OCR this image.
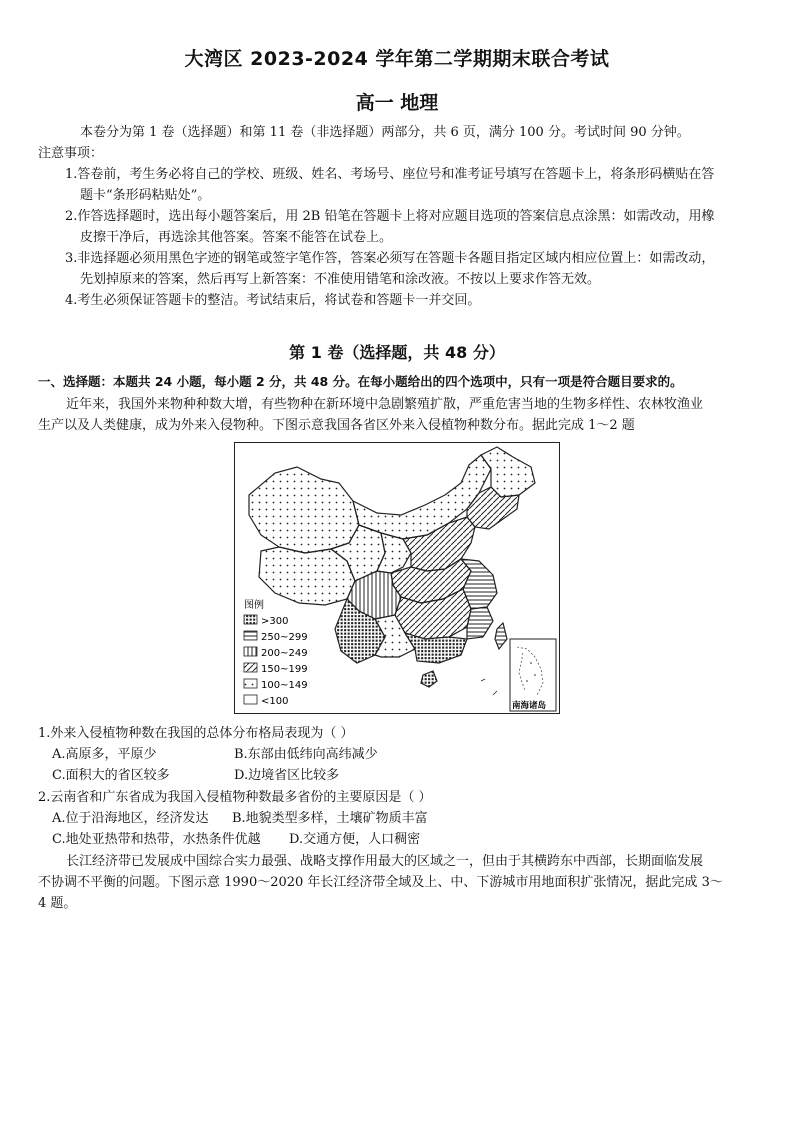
大湾区 2023-2024 学年第二学期期末联合考试
高一 地理
本卷分为第 1 卷（选择题）和第 11 卷（非选择题）两部分，共 6 页，满分 100 分。考试时间 90 分钟。
注意事项：
1.答卷前，考生务必将自己的学校、班级、姓名、考场号、座位号和准考证号填写在答题卡上，将条形码横贴在答
题卡“条形码粘贴处”。
2.作答选择题时，选出每小题答案后，用 2B 铅笔在答题卡上将对应题目选项的答案信息点涂黑：如需改动，用橡
皮擦干净后，再选涂其他答案。答案不能答在试卷上。
3.非选择题必须用黑色字迹的钢笔或签字笔作答，答案必须写在答题卡各题目指定区域内相应位置上：如需改动，
先划掉原来的答案，然后再写上新答案：不准使用错笔和涂改液。不按以上要求作答无效。
4.考生必须保证答题卡的整洁。考试结束后，将试卷和答题卡一并交回。
第 1 卷（选择题，共 48 分）
一、选择题：本题共 24 小题，每小题 2 分，共 48 分。在每小题给出的四个选项中，只有一项是符合题目要求的。
近年来，我国外来物种种数大增，有些物种在新环境中急剧繁殖扩散，严重危害当地的生物多样性、农林牧渔业
生产以及人类健康，成为外来入侵物种。下图示意我国各省区外来入侵植物种数分布。据此完成 1～2 题
图例
>300
250~299
200~249
150~199
100~149
<100	南海诸岛
1.外来入侵植物种数在我国的总体分布格局表现为（ ）
A.高原多，平原少	B.东部由低纬向高纬减少
C.面积大的省区较多	D.边境省区比较多
2.云南省和广东省成为我国入侵植物种数最多省份的主要原因是（ ）
A.位于沿海地区，经济发达 B.地貌类型多样，土壤矿物质丰富
C.地处亚热带和热带，水热条件优越 D.交通方便，人口稠密
长江经济带已发展成中国综合实力最强、战略支撑作用最大的区域之一，但由于其横跨东中西部，长期面临发展
不协调不平衡的问题。下图示意 1990～2020 年长江经济带全域及上、中、下游城市用地面积扩张情况，据此完成 3～
4 题。
